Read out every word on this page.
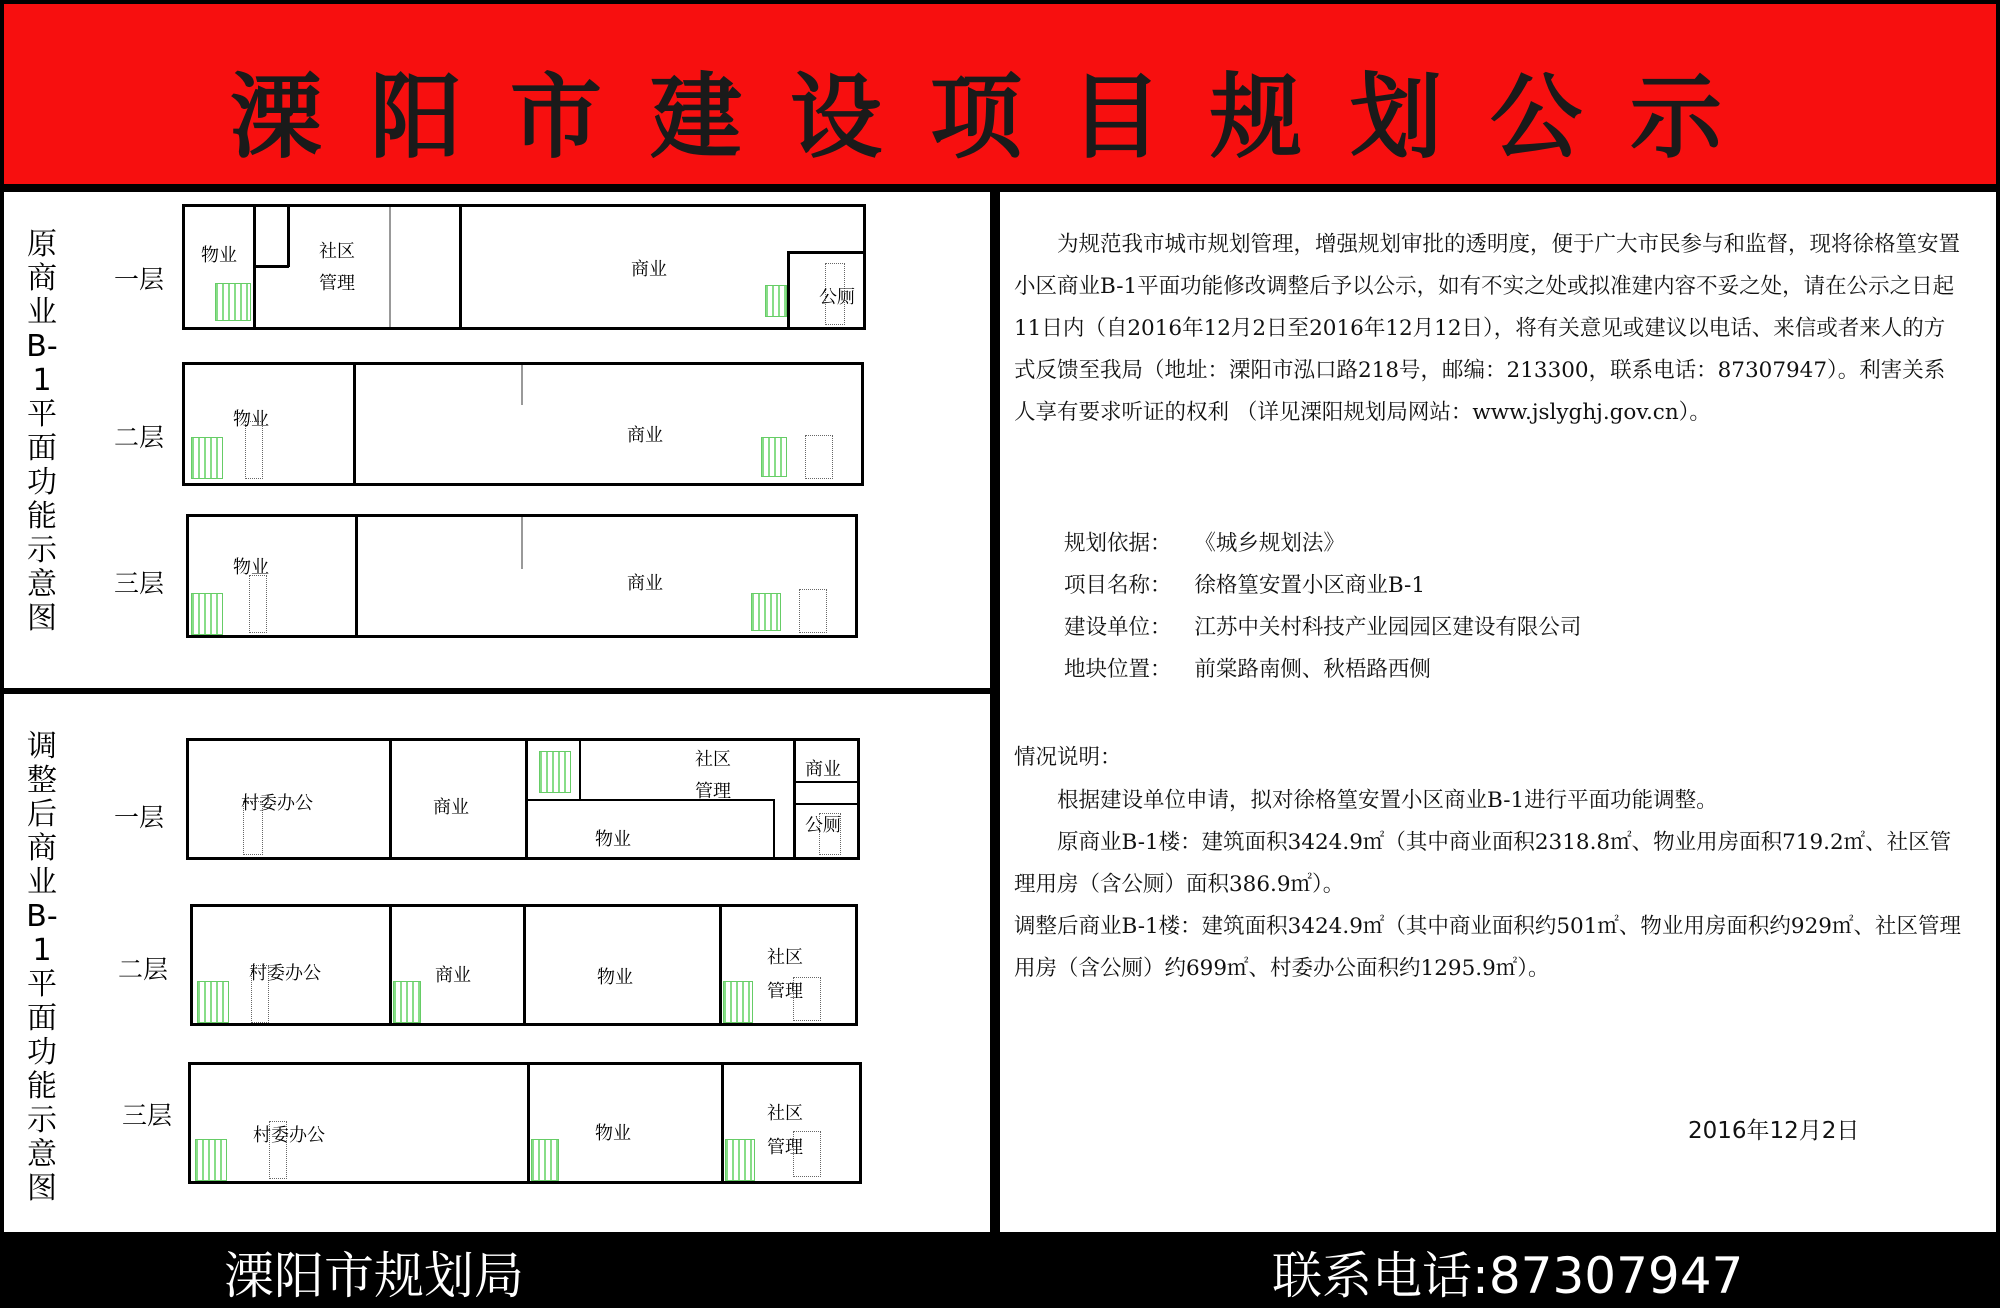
溧阳市建设项目规划公示
原商业B-1平面功能示意图
一层
物业	社区
管理
商业
公厕
二层
物业
商业
三层
物业
商业
调整后商业B-1平面功能示意图
一层	村委办公	商业
社区
管理
商业
物业
公厕
二层	村委办公	商业	物业
社区
管理
三层
村委办公	物业
社区
管理
为规范我市城市规划管理，增强规划审批的透明度，便于广大市民参与和监督，现将徐格篁安置小区商业B-1平面功能修改调整后予以公示，如有不实之处或拟准建内容不妥之处，请在公示之日起11日内（自2016年12月2日至2016年12月12日），将有关意见或建议以电话、来信或者来人的方式反馈至我局（地址：溧阳市泓口路218号，邮编：213300，联系电话：87307947）。利害关系人享有要求听证的权利 （详见溧阳规划局网站：www.jslyghj.gov.cn）。
规划依据： 《城乡规划法》
项目名称： 徐格篁安置小区商业B-1
建设单位： 江苏中关村科技产业园园区建设有限公司
地块位置： 前棠路南侧、秋梧路西侧
情况说明：
根据建设单位申请，拟对徐格篁安置小区商业B-1进行平面功能调整。
原商业B-1楼：建筑面积3424.9㎡（其中商业面积2318.8㎡、物业用房面积719.2㎡、社区管理用房（含公厕）面积386.9㎡）。
调整后商业B-1楼：建筑面积3424.9㎡（其中商业面积约501㎡、物业用房面积约929㎡、社区管理用房（含公厕）约699㎡、村委办公面积约1295.9㎡）。
2016年12月2日
溧阳市规划局	联系电话:87307947
